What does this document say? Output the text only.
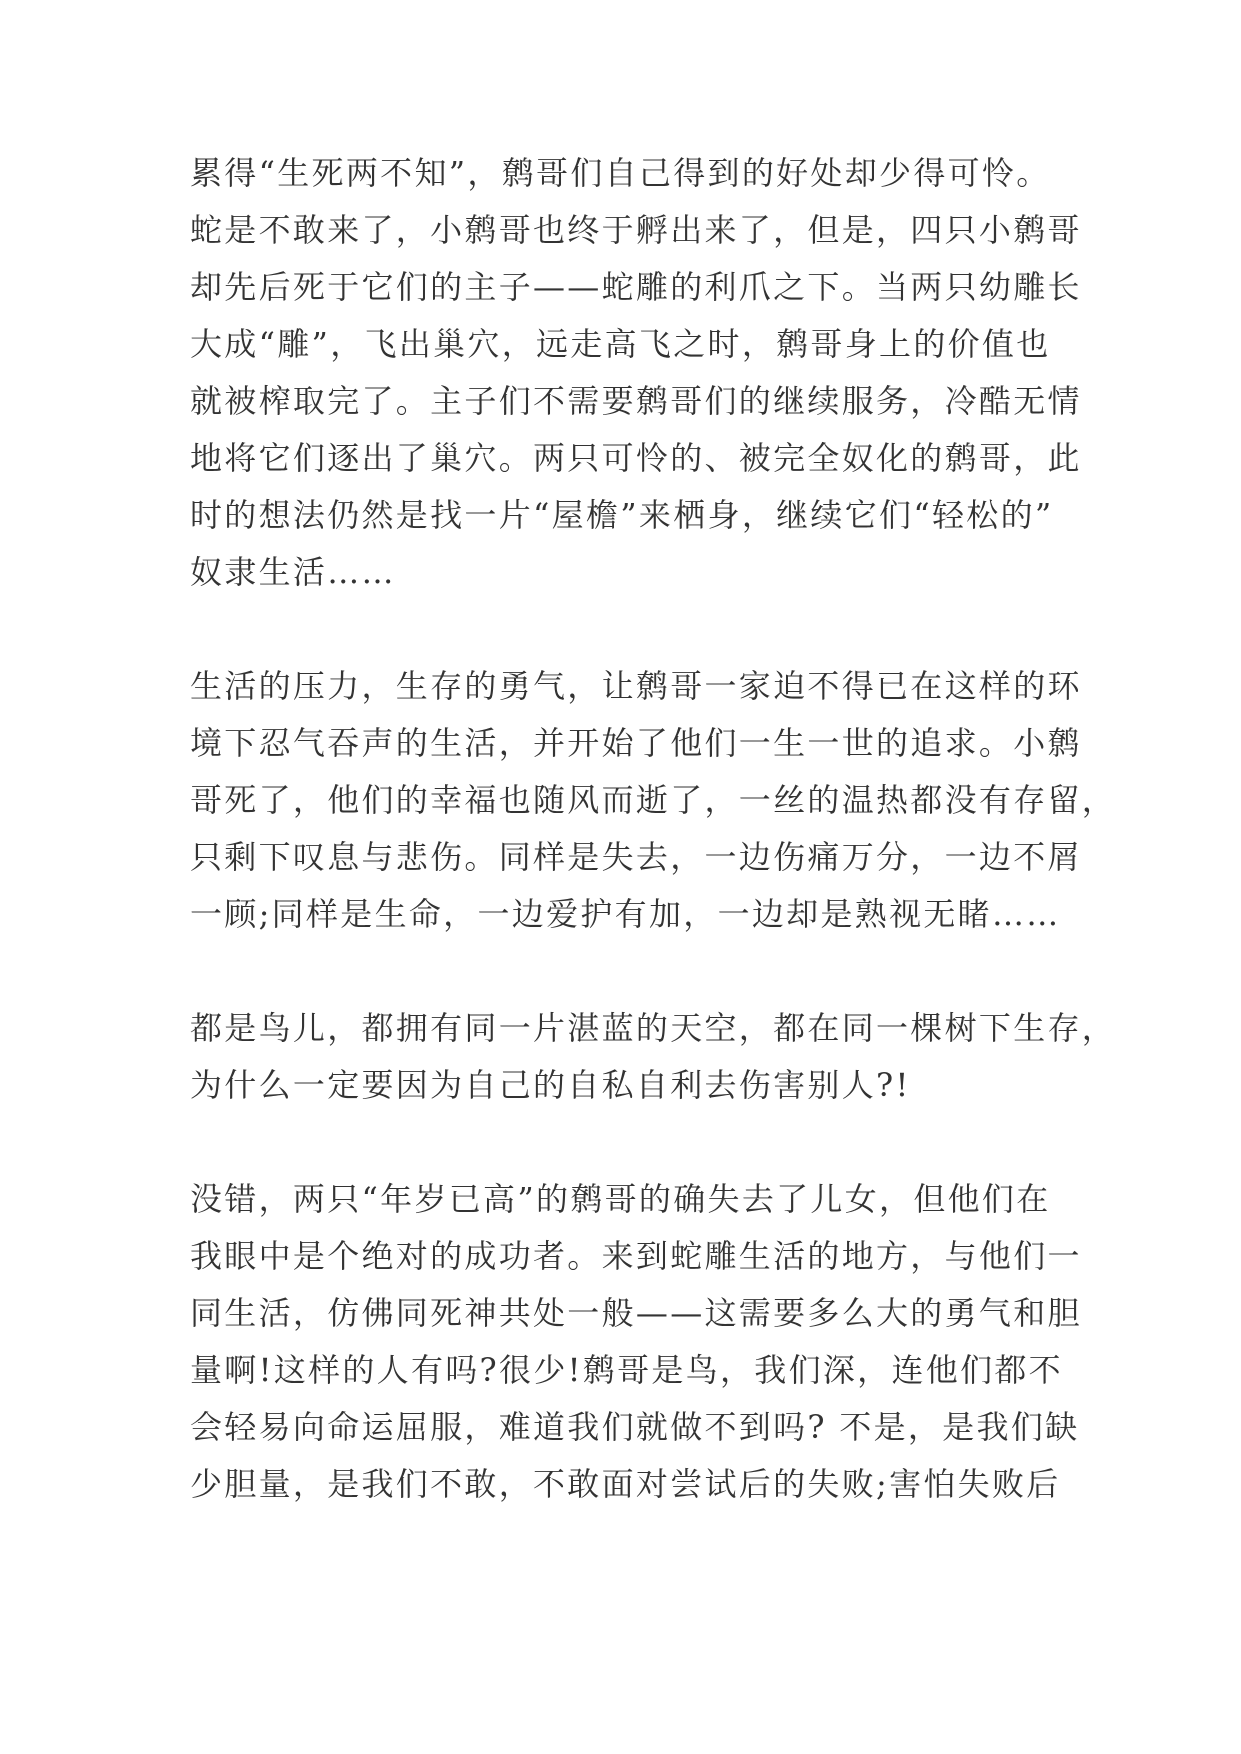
累得“生死两不知”，鹩哥们自己得到的好处却少得可怜。
蛇是不敢来了，小鹩哥也终于孵出来了，但是，四只小鹩哥
却先后死于它们的主子——蛇雕的利爪之下。当两只幼雕长
大成“雕”，飞出巢穴，远走高飞之时，鹩哥身上的价值也
就被榨取完了。主子们不需要鹩哥们的继续服务，冷酷无情
地将它们逐出了巢穴。两只可怜的、被完全奴化的鹩哥，此
时的想法仍然是找一片“屋檐”来栖身，继续它们“轻松的”
奴隶生活……
生活的压力，生存的勇气，让鹩哥一家迫不得已在这样的环
境下忍气吞声的生活，并开始了他们一生一世的追求。小鹩
哥死了，他们的幸福也随风而逝了，一丝的温热都没有存留，
只剩下叹息与悲伤。同样是失去，一边伤痛万分，一边不屑
一顾;同样是生命，一边爱护有加，一边却是熟视无睹……
都是鸟儿，都拥有同一片湛蓝的天空，都在同一棵树下生存，
为什么一定要因为自己的自私自利去伤害别人?!
没错，两只“年岁已高”的鹩哥的确失去了儿女，但他们在
我眼中是个绝对的成功者。来到蛇雕生活的地方，与他们一
同生活，仿佛同死神共处一般——这需要多么大的勇气和胆
量啊!这样的人有吗?很少!鹩哥是鸟，我们深，连他们都不
会轻易向命运屈服，难道我们就做不到吗? 不是，是我们缺
少胆量，是我们不敢，不敢面对尝试后的失败;害怕失败后
